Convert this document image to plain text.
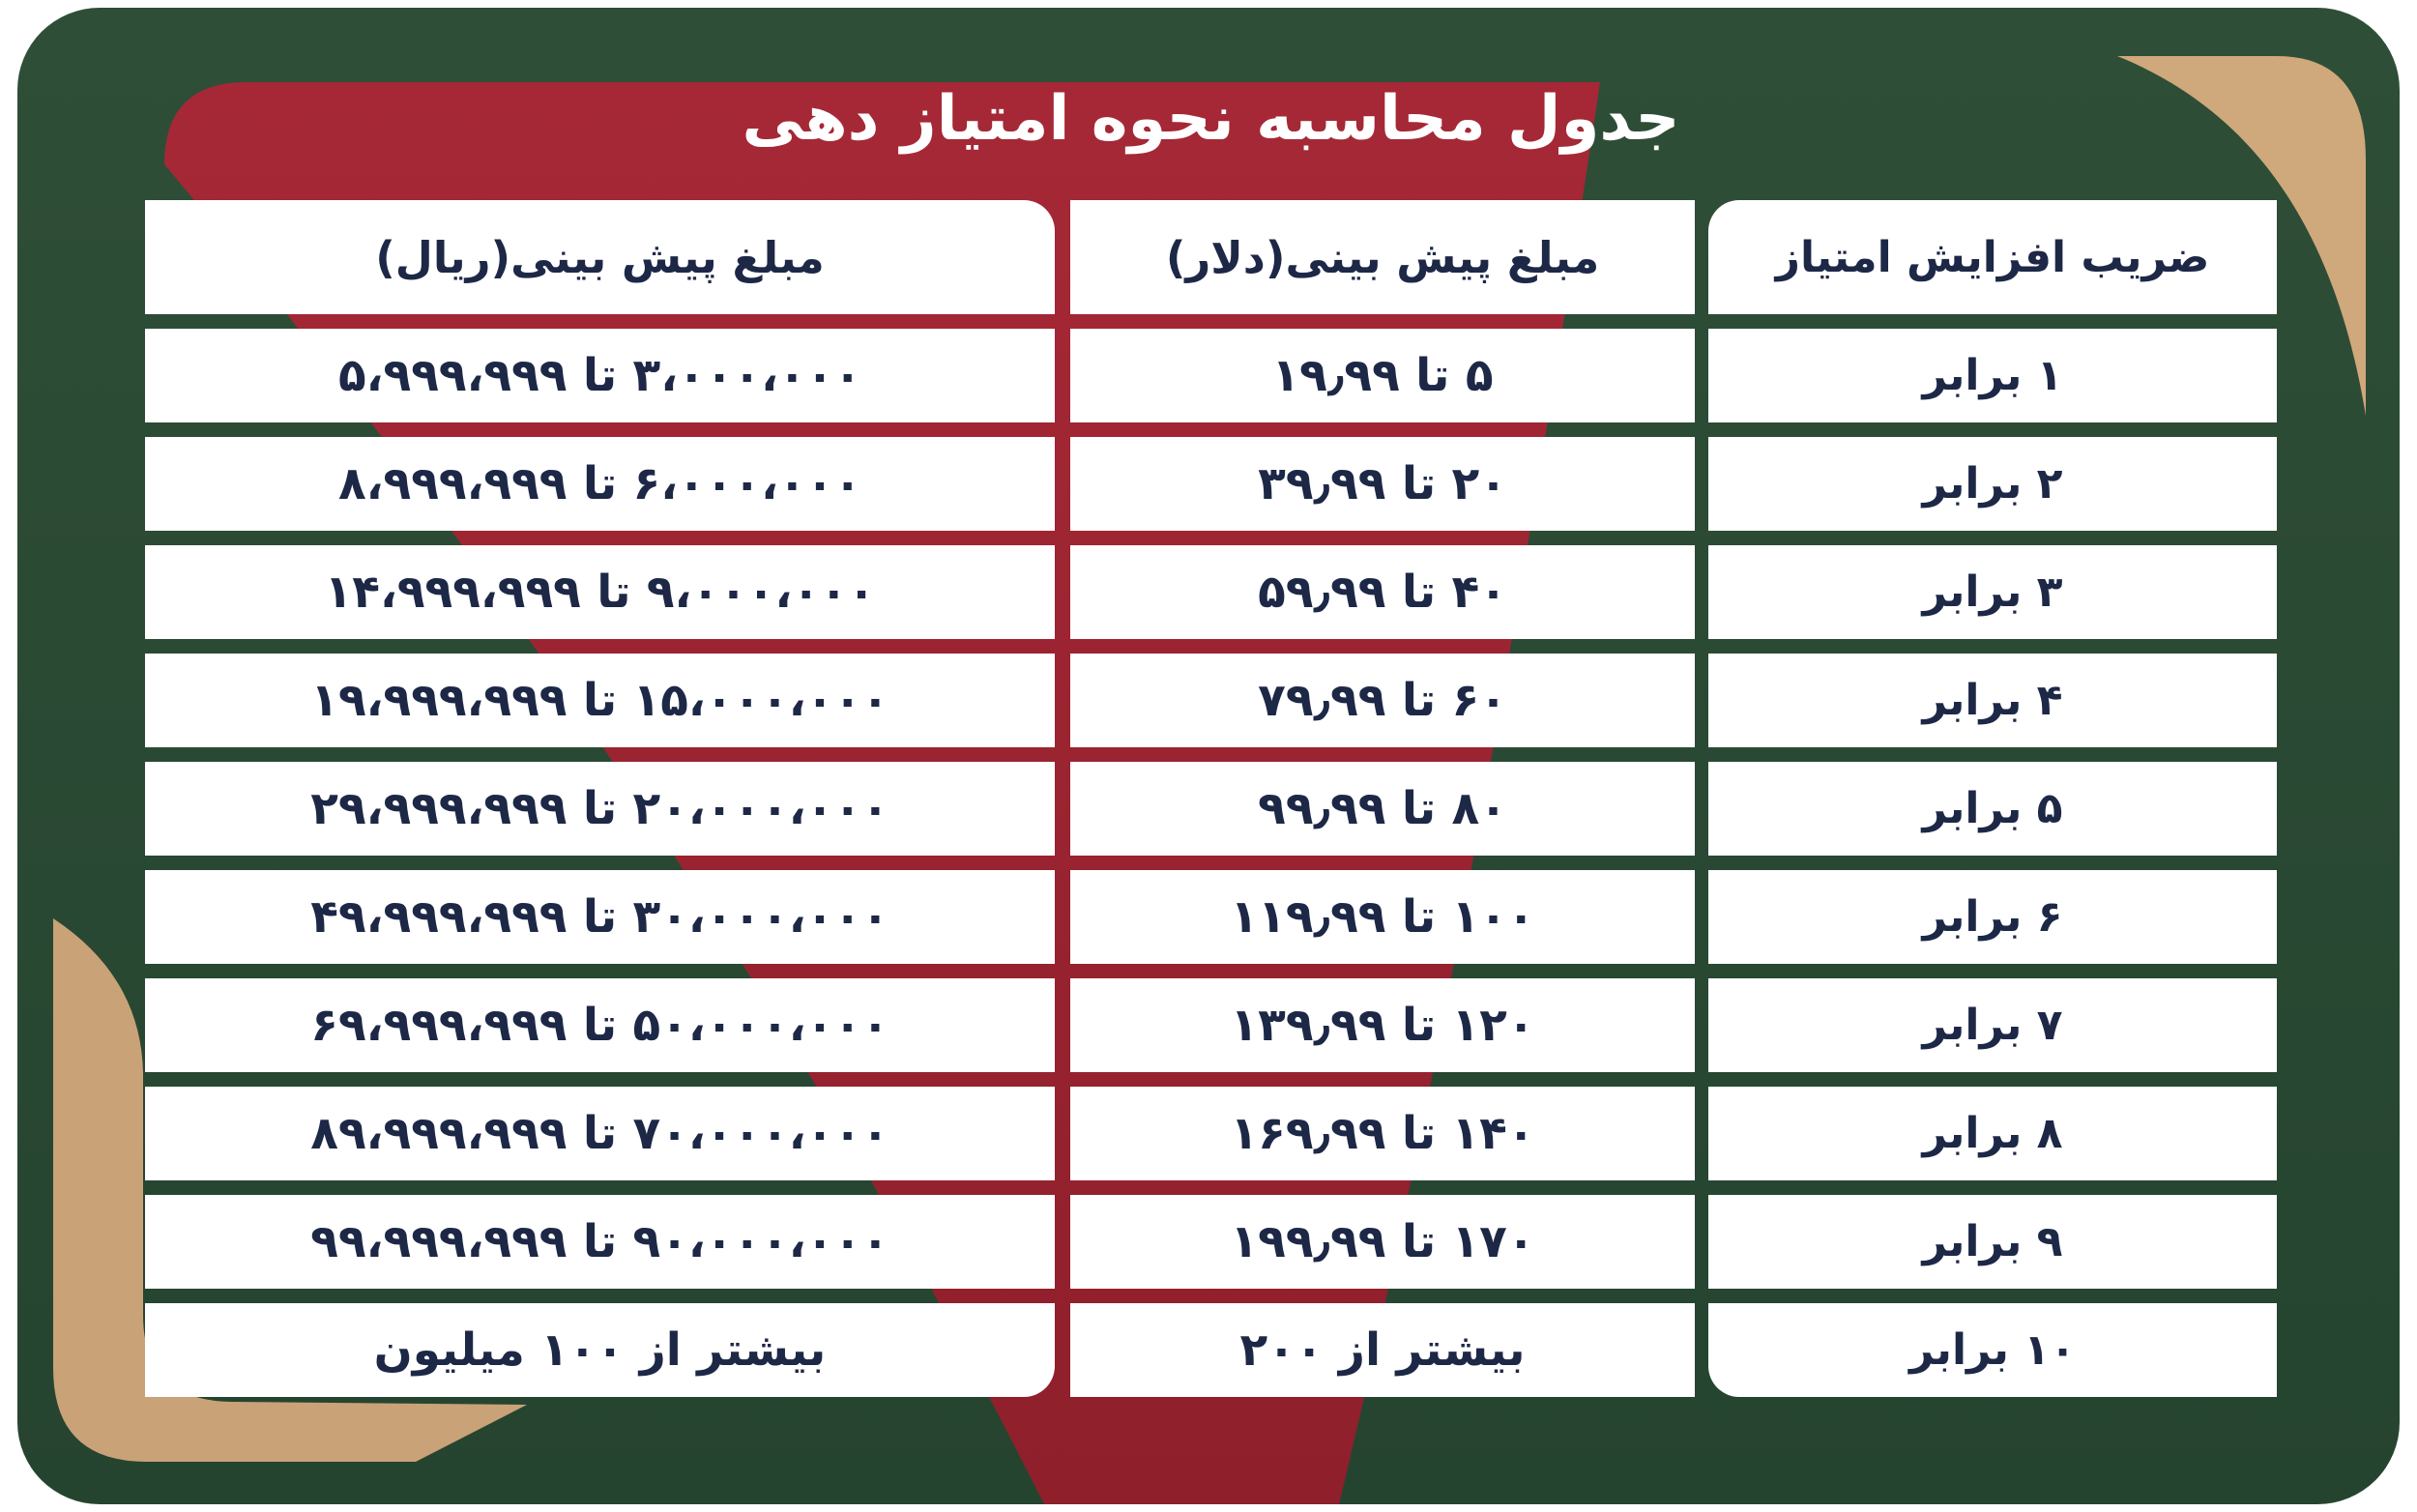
جدول محاسبه نحوه امتیاز دهی
ضریب افزایش امتیاز
مبلغ پیش بینی(دلار)
مبلغ پیش بینی(ریال)
۱ برابر
۵ تا ۱۹٫۹۹
۳،۰۰۰،۰۰۰ تا ۵،۹۹۹،۹۹۹
۲ برابر
۲۰ تا ۳۹٫۹۹
۶،۰۰۰،۰۰۰ تا ۸،۹۹۹،۹۹۹
۳ برابر
۴۰ تا ۵۹٫۹۹
۹،۰۰۰،۰۰۰ تا ۱۴،۹۹۹،۹۹۹
۴ برابر
۶۰ تا ۷۹٫۹۹
۱۵،۰۰۰،۰۰۰ تا ۱۹،۹۹۹،۹۹۹
۵ برابر
۸۰ تا ۹۹٫۹۹
۲۰،۰۰۰،۰۰۰ تا ۲۹،۹۹۹،۹۹۹
۶ برابر
۱۰۰ تا ۱۱۹٫۹۹
۳۰،۰۰۰،۰۰۰ تا ۴۹،۹۹۹،۹۹۹
۷ برابر
۱۲۰ تا ۱۳۹٫۹۹
۵۰،۰۰۰،۰۰۰ تا ۶۹،۹۹۹،۹۹۹
۸ برابر
۱۴۰ تا ۱۶۹٫۹۹
۷۰،۰۰۰،۰۰۰ تا ۸۹،۹۹۹،۹۹۹
۹ برابر
۱۷۰ تا ۱۹۹٫۹۹
۹۰،۰۰۰،۰۰۰ تا ۹۹،۹۹۹،۹۹۹
۱۰ برابر
بیشتر از ۲۰۰
بیشتر از ۱۰۰ میلیون
